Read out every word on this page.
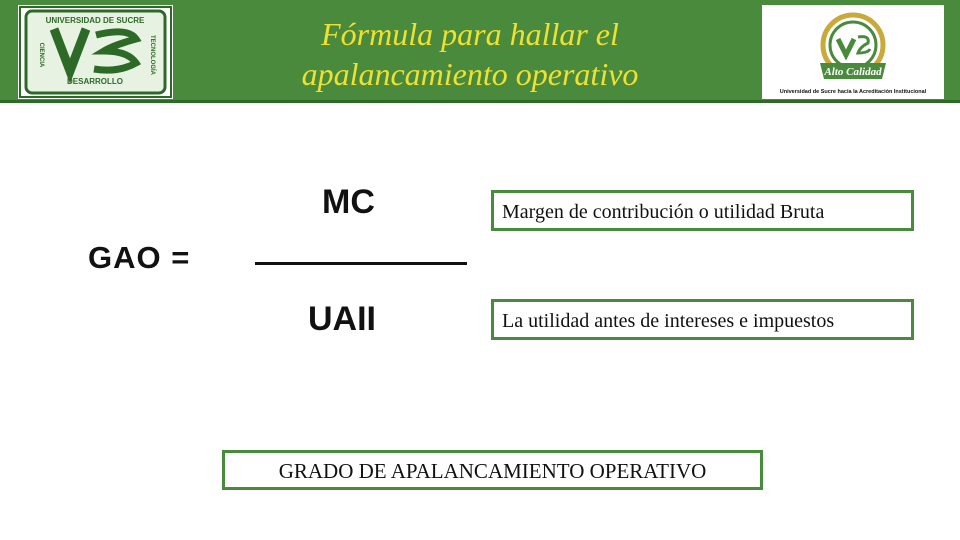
UNIVERSIDAD DE SUCRE
DESARROLLO
CIENCIA	TECNOLOGÍA	Alto Calidad
Universidad de Sucre hacia la Acreditación Institucional
Fórmula para hallar el
apalancamiento operativo
GAO =
MC
UAII
Margen de contribución o utilidad Bruta
La utilidad antes de intereses e impuestos
GRADO DE APALANCAMIENTO OPERATIVO
